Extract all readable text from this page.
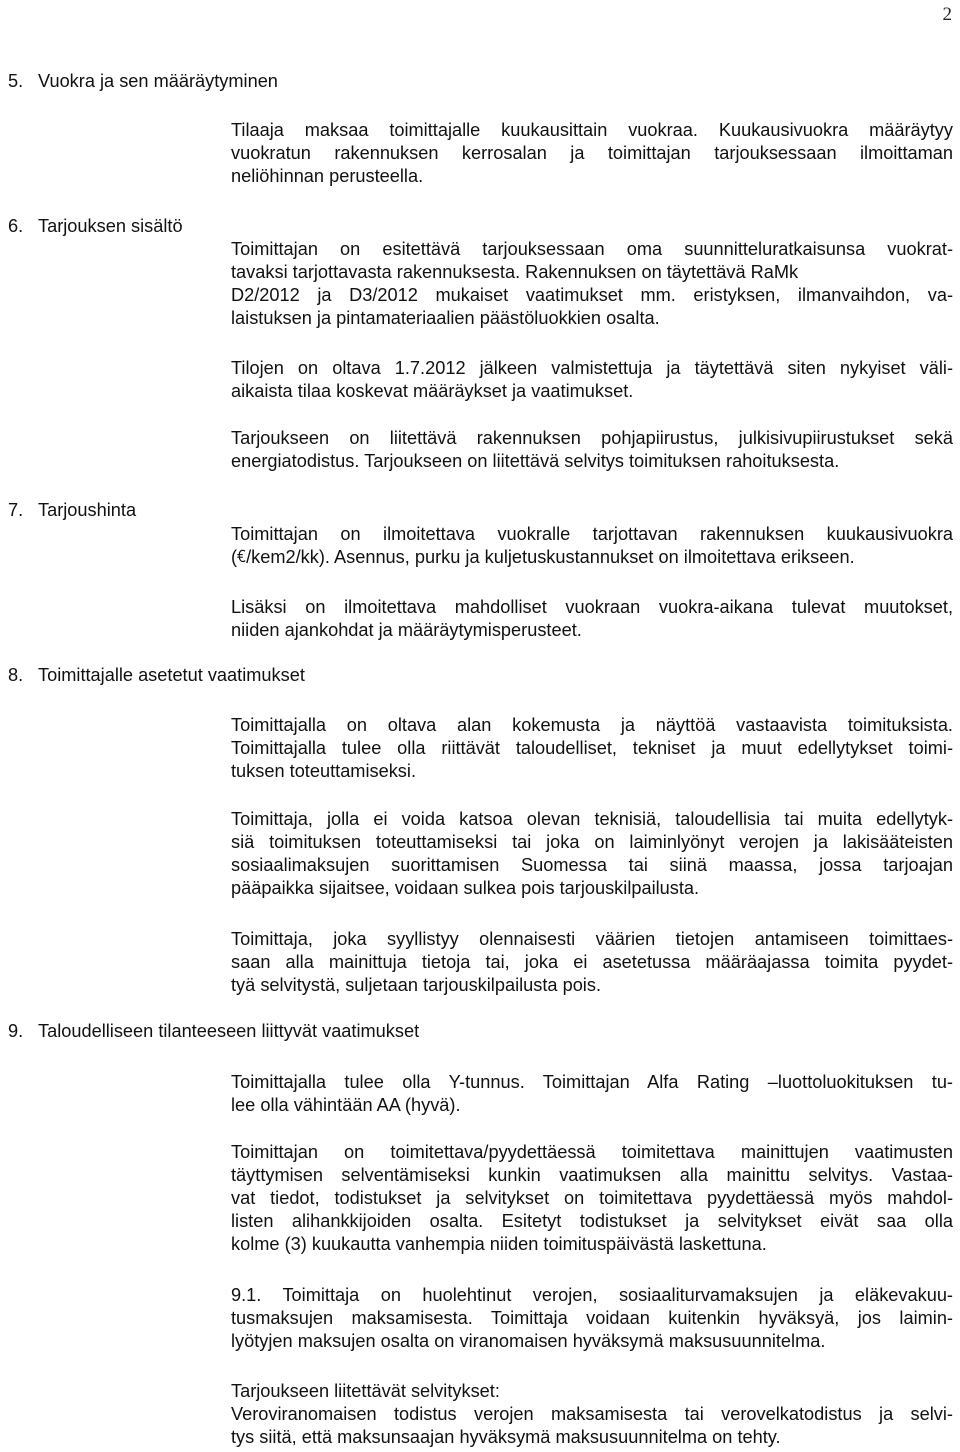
2
5. Vuokra ja sen määräytyminen
6. Tarjouksen sisältö
7. Tarjoushinta
8. Toimittajalle asetetut vaatimukset
9. Taloudelliseen tilanteeseen liittyvät vaatimukset
Tilaaja maksaa toimittajalle kuukausittain vuokraa. Kuukausivuokra määräytyy
vuokratun rakennuksen kerrosalan ja toimittajan tarjouksessaan ilmoittaman
neliöhinnan perusteella.
Toimittajan on esitettävä tarjouksessaan oma suunnitteluratkaisunsa vuokrat-
tavaksi tarjottavasta rakennuksesta. Rakennuksen on täytettävä RaMk
D2/2012 ja D3/2012 mukaiset vaatimukset mm. eristyksen, ilmanvaihdon, va-
laistuksen ja pintamateriaalien päästöluokkien osalta.
Tilojen on oltava 1.7.2012 jälkeen valmistettuja ja täytettävä siten nykyiset väli-
aikaista tilaa koskevat määräykset ja vaatimukset.
Tarjoukseen on liitettävä rakennuksen pohjapiirustus, julkisivupiirustukset sekä
energiatodistus. Tarjoukseen on liitettävä selvitys toimituksen rahoituksesta.
Toimittajan on ilmoitettava vuokralle tarjottavan rakennuksen kuukausivuokra
( /kem2/kk). Asennus, purku ja kuljetuskustannukset on ilmoitettava erikseen.
Lisäksi on ilmoitettava mahdolliset vuokraan vuokra-aikana tulevat muutokset,
niiden ajankohdat ja määräytymisperusteet.
Toimittajalla on oltava alan kokemusta ja näyttöä vastaavista toimituksista.
Toimittajalla tulee olla riittävät taloudelliset, tekniset ja muut edellytykset toimi-
tuksen toteuttamiseksi.
Toimittaja, jolla ei voida katsoa olevan teknisiä, taloudellisia tai muita edellytyk-
siä toimituksen toteuttamiseksi tai joka on laiminlyönyt verojen ja lakisääteisten
sosiaalimaksujen suorittamisen Suomessa tai siinä maassa, jossa tarjoajan
pääpaikka sijaitsee, voidaan sulkea pois tarjouskilpailusta.
Toimittaja, joka syyllistyy olennaisesti väärien tietojen antamiseen toimittaes-
saan alla mainittuja tietoja tai, joka ei asetetussa määräajassa toimita pyydet-
tyä selvitystä, suljetaan tarjouskilpailusta pois.
Toimittajalla tulee olla Y-tunnus. Toimittajan Alfa Rating –luottoluokituksen tu-
lee olla vähintään AA (hyvä).
Toimittajan on toimitettava/pyydettäessä toimitettava mainittujen vaatimusten
täyttymisen selventämiseksi kunkin vaatimuksen alla mainittu selvitys. Vastaa-
vat tiedot, todistukset ja selvitykset on toimitettava pyydettäessä myös mahdol-
listen alihankkijoiden osalta. Esitetyt todistukset ja selvitykset eivät saa olla
kolme (3) kuukautta vanhempia niiden toimituspäivästä laskettuna.
9.1. Toimittaja on huolehtinut verojen, sosiaaliturvamaksujen ja eläkevakuu-
tusmaksujen maksamisesta. Toimittaja voidaan kuitenkin hyväksyä, jos laimin-
lyötyjen maksujen osalta on viranomaisen hyväksymä maksusuunnitelma.
Tarjoukseen liitettävät selvitykset:
Veroviranomaisen todistus verojen maksamisesta tai verovelkatodistus ja selvi-
tys siitä, että maksunsaajan hyväksymä maksusuunnitelma on tehty.
